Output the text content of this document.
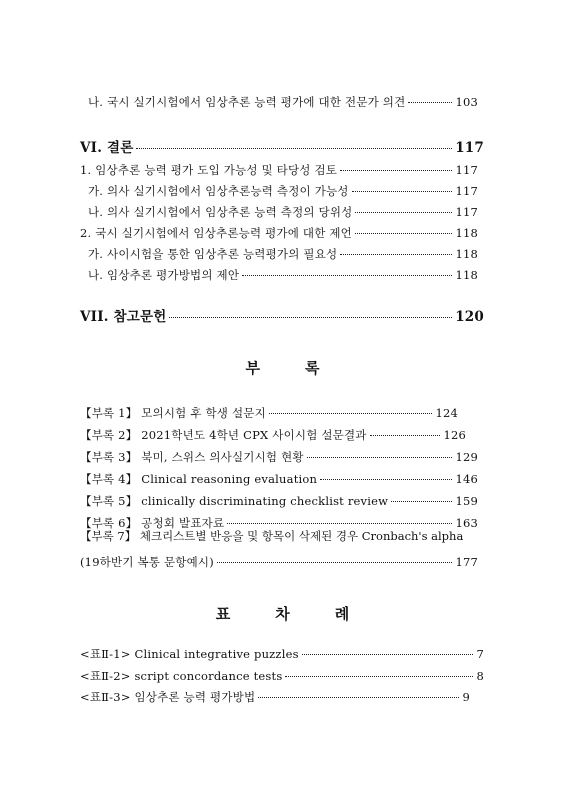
나. 국시 실기시험에서 임상추론 능력 평가에 대한 전문가 의견	103
VI. 결론	117
1. 임상추론 능력 평가 도입 가능성 및 타당성 검토	117
가. 의사 실기시험에서 임상추론능력 측정이 가능성	117
나. 의사 실기시험에서 임상추론 능력 측정의 당위성	117
2. 국시 실기시험에서 임상추론능력 평가에 대한 제언	118
가. 사이시험을 통한 임상추론 능력평가의 필요성	118
나. 임상추론 평가방법의 제안	118
VII. 참고문헌	120
부	록
【부록 1】 모의시험 후 학생 설문지	124
【부록 2】 2021학년도 4학년 CPX 사이시험 설문결과	126
【부록 3】 북미, 스위스 의사실기시험 현황	129
【부록 4】 Clinical reasoning evaluation	146
【부록 5】 clinically discriminating checklist review	159
【부록 6】 공청회 발표자료	163
【부록 7】 체크리스트별 반응을 및 항목이 삭제된 경우 Cronbach's alpha
(19하반기 복통 문항예시)	177
표	차	례
<표Ⅱ-1> Clinical integrative puzzles	7
<표Ⅱ-2> script concordance tests	8
<표Ⅱ-3> 임상추론 능력 평가방법	9
